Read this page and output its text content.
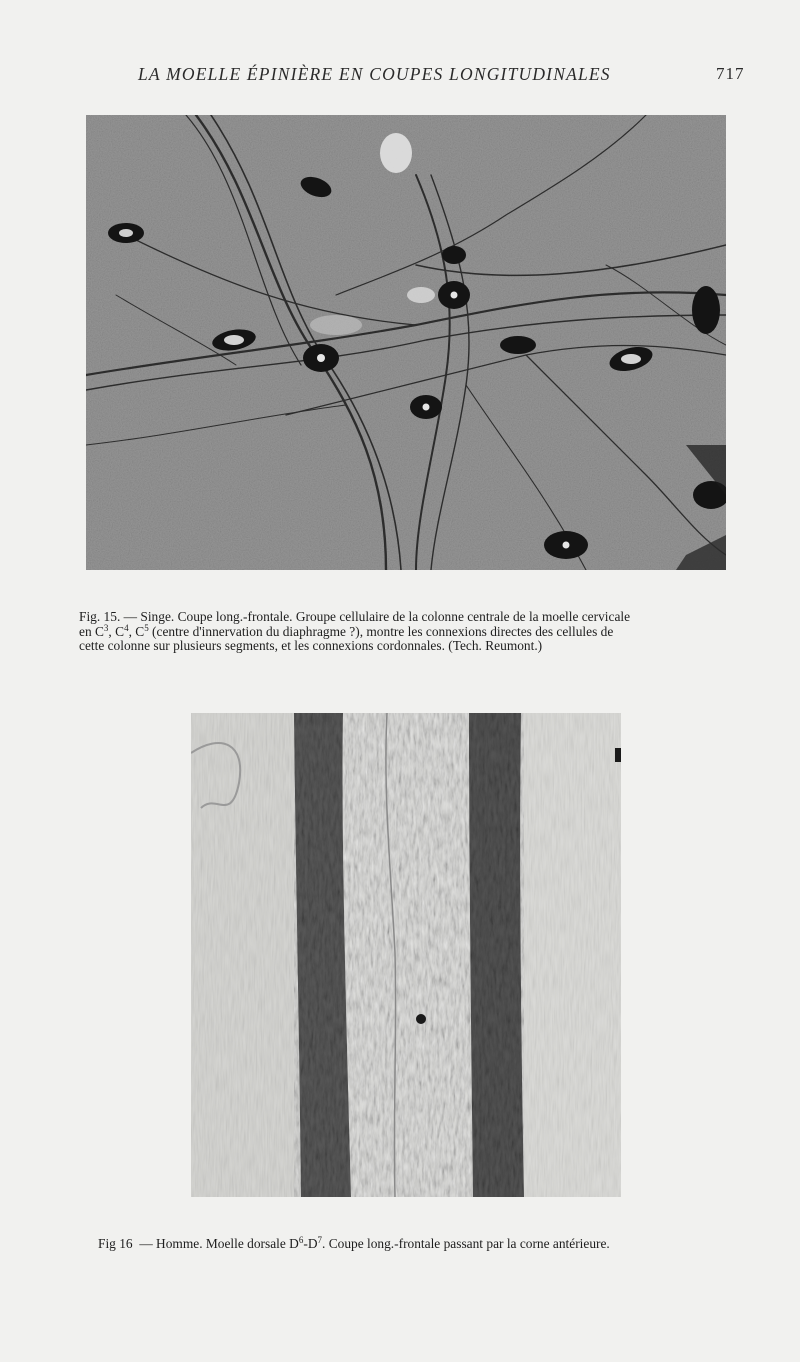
LA MOELLE ÉPINIÈRE EN COUPES LONGITUDINALES	717
Fig. 15. — Singe. Coupe long.-frontale. Groupe cellulaire de la colonne centrale de la moelle cervicale
en $C^3$, $C^4$, $C^5$ (centre d'innervation du diaphragme ?), montre les connexions directes des cellules de
cette colonne sur plusieurs segments, et les connexions cordonnales. (Tech. Reumont.)
Fig 16 — Homme. Moelle dorsale $D^6-D^7$. Coupe long.-frontale passant par la corne antérieure.
